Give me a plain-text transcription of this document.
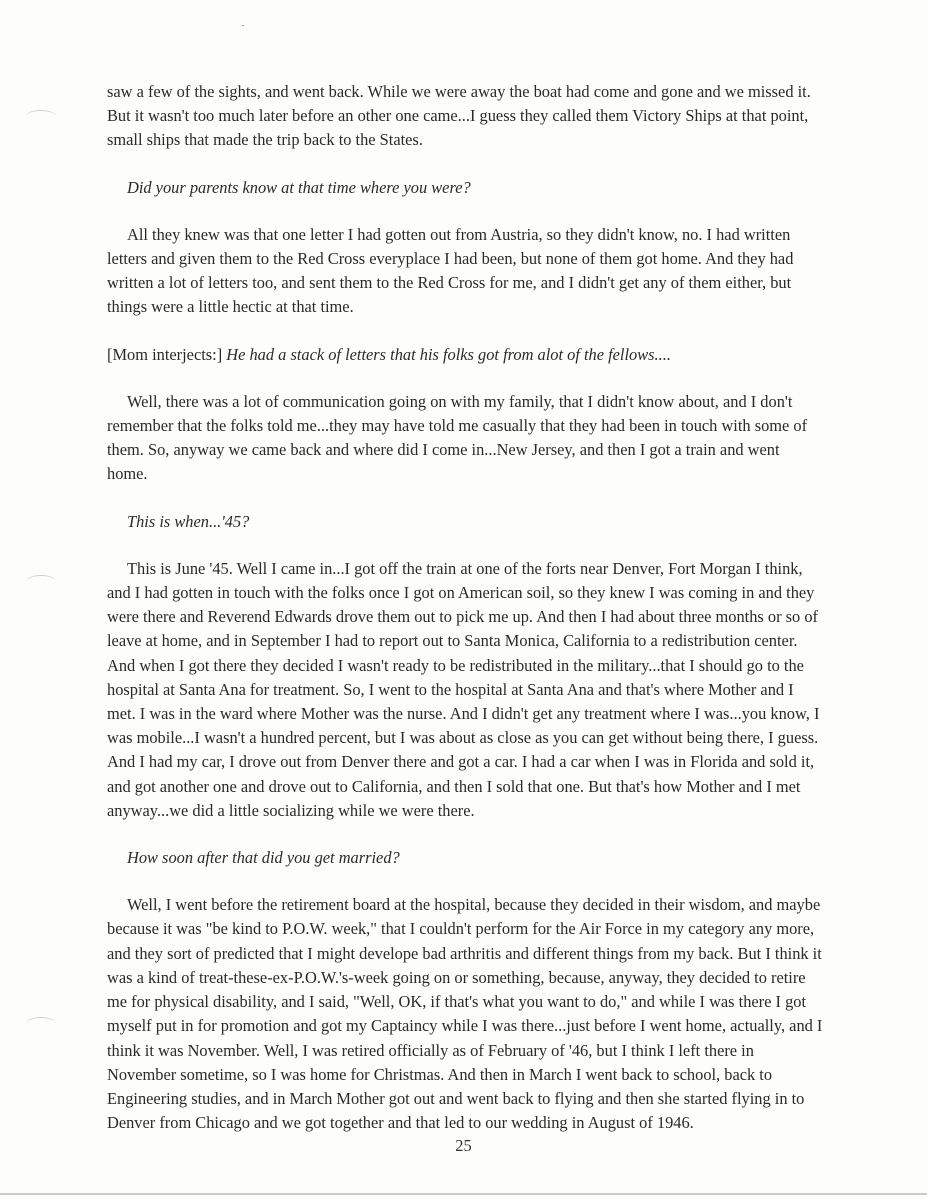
saw a few of the sights, and went back. While we were away the boat had come and gone and we missed it. But it wasn't too much later before an other one came...I guess they called them Victory Ships at that point, small ships that made the trip back to the States.

Did your parents know at that time where you were?

All they knew was that one letter I had gotten out from Austria, so they didn't know, no. I had written letters and given them to the Red Cross everyplace I had been, but none of them got home. And they had written a lot of letters too, and sent them to the Red Cross for me, and I didn't get any of them either, but things were a little hectic at that time.

[Mom interjects:] He had a stack of letters that his folks got from alot of the fellows....

Well, there was a lot of communication going on with my family, that I didn't know about, and I don't remember that the folks told me...they may have told me casually that they had been in touch with some of them. So, anyway we came back and where did I come in...New Jersey, and then I got a train and went home.

This is when...'45?

This is June '45. Well I came in...I got off the train at one of the forts near Denver, Fort Morgan I think, and I had gotten in touch with the folks once I got on American soil, so they knew I was coming in and they were there and Reverend Edwards drove them out to pick me up. And then I had about three months or so of leave at home, and in September I had to report out to Santa Monica, California to a redistribution center. And when I got there they decided I wasn't ready to be redistributed in the military...that I should go to the hospital at Santa Ana for treatment. So, I went to the hospital at Santa Ana and that's where Mother and I met. I was in the ward where Mother was the nurse. And I didn't get any treatment where I was...you know, I was mobile...I wasn't a hundred percent, but I was about as close as you can get without being there, I guess. And I had my car, I drove out from Denver there and got a car. I had a car when I was in Florida and sold it, and got another one and drove out to California, and then I sold that one. But that's how Mother and I met anyway...we did a little socializing while we were there.

How soon after that did you get married?

Well, I went before the retirement board at the hospital, because they decided in their wisdom, and maybe because it was "be kind to P.O.W. week," that I couldn't perform for the Air Force in my category any more, and they sort of predicted that I might develope bad arthritis and different things from my back. But I think it was a kind of treat-these-ex-P.O.W.'s-week going on or something, because, anyway, they decided to retire me for physical disability, and I said, "Well, OK, if that's what you want to do," and while I was there I got myself put in for promotion and got my Captaincy while I was there...just before I went home, actually, and I think it was November. Well, I was retired officially as of February of '46, but I think I left there in November sometime, so I was home for Christmas. And then in March I went back to school, back to Engineering studies, and in March Mother got out and went back to flying and then she started flying in to Denver from Chicago and we got together and that led to our wedding in August of 1946.

25
